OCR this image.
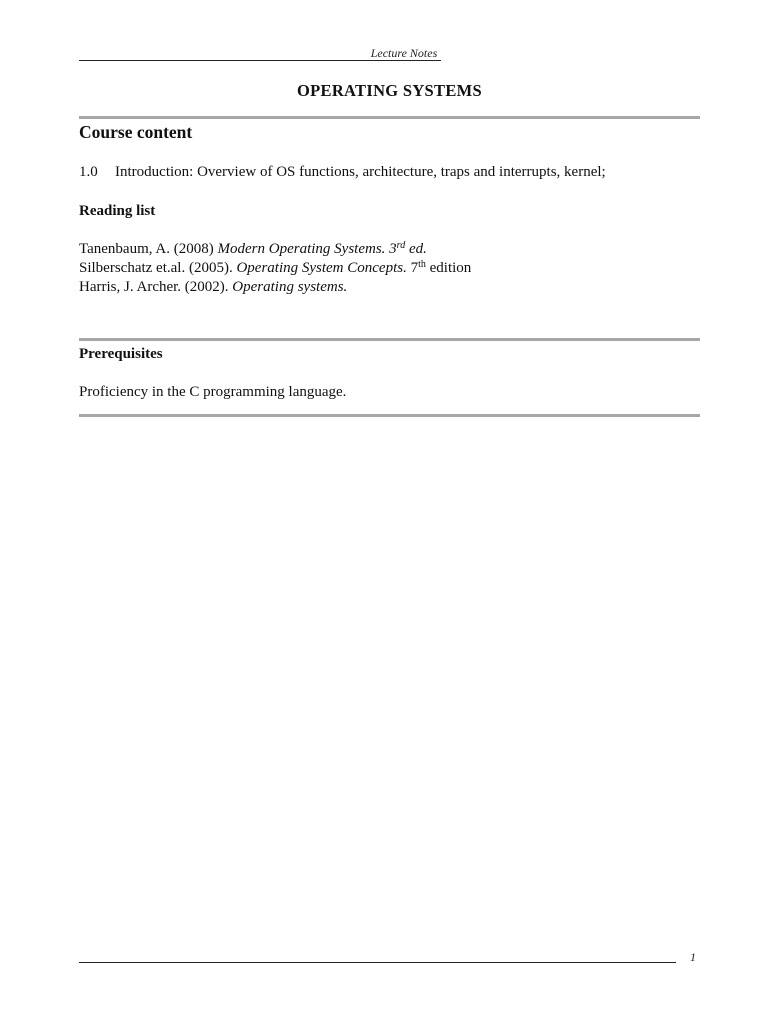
Lecture Notes
OPERATING SYSTEMS
Course content
1.0 Introduction: Overview of OS functions, architecture, traps and interrupts, kernel;
Reading list
Tanenbaum, A. (2008) Modern Operating Systems. 3rd ed.
Silberschatz et.al. (2005). Operating System Concepts. 7th edition
Harris, J. Archer. (2002). Operating systems.
Prerequisites
Proficiency in the C programming language.
1
